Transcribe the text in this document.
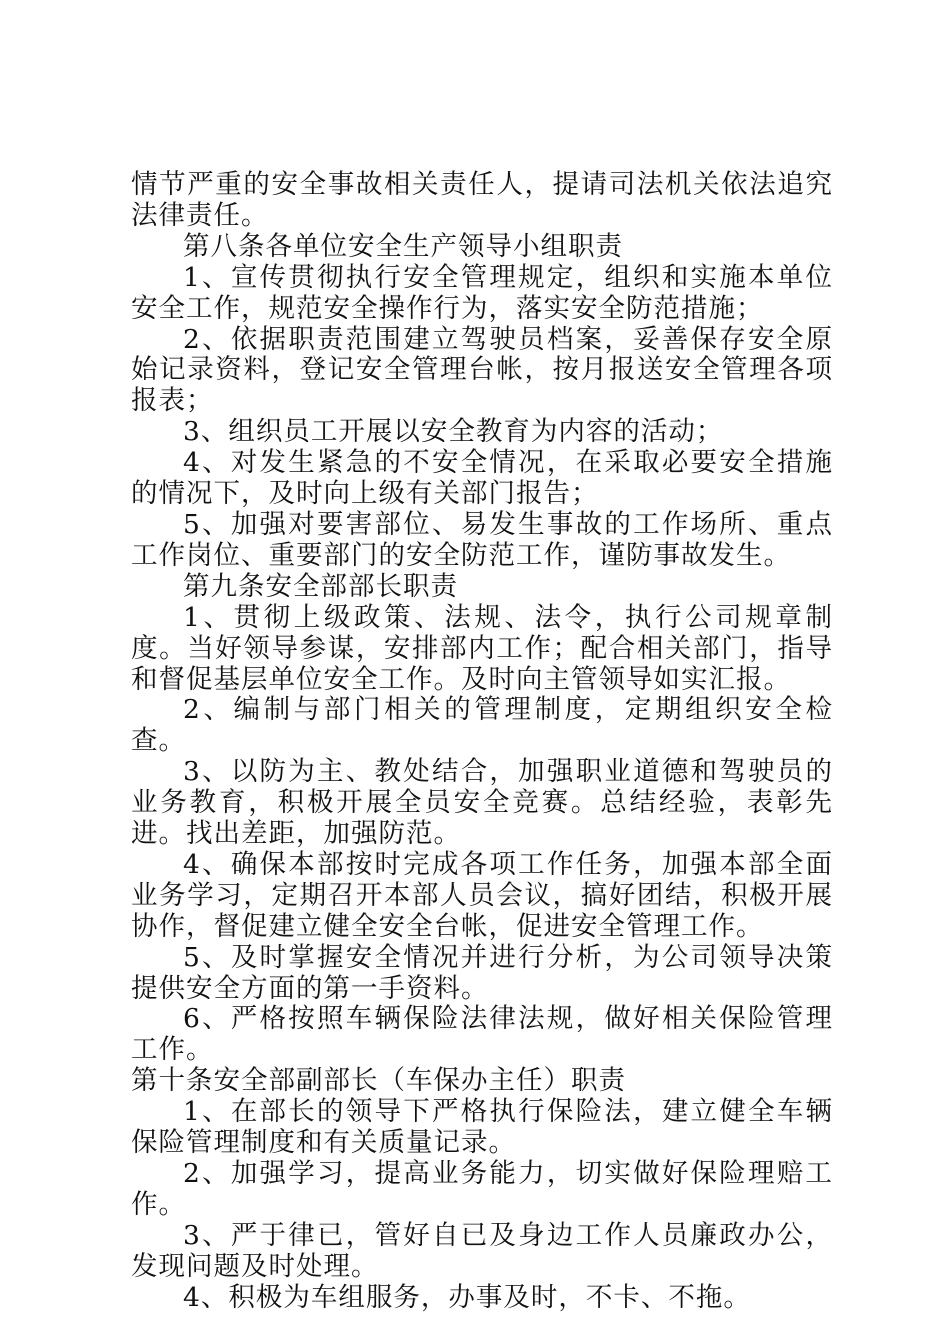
情节严重的安全事故相关责任人，提请司法机关依法追究法律责任。

第八条各单位安全生产领导小组职责

1、宣传贯彻执行安全管理规定，组织和实施本单位安全工作，规范安全操作行为，落实安全防范措施；

2、依据职责范围建立驾驶员档案，妥善保存安全原始记录资料，登记安全管理台帐，按月报送安全管理各项报表；

3、组织员工开展以安全教育为内容的活动；

4、对发生紧急的不安全情况，在采取必要安全措施的情况下，及时向上级有关部门报告；

5、加强对要害部位、易发生事故的工作场所、重点工作岗位、重要部门的安全防范工作，谨防事故发生。

第九条安全部部长职责

1、贯彻上级政策、法规、法令，执行公司规章制度。当好领导参谋，安排部内工作；配合相关部门，指导和督促基层单位安全工作。及时向主管领导如实汇报。

2、编制与部门相关的管理制度，定期组织安全检查。

3、以防为主、教处结合，加强职业道德和驾驶员的业务教育，积极开展全员安全竞赛。总结经验，表彰先进。找出差距，加强防范。

4、确保本部按时完成各项工作任务，加强本部全面业务学习，定期召开本部人员会议，搞好团结，积极开展协作，督促建立健全安全台帐，促进安全管理工作。

5、及时掌握安全情况并进行分析，为公司领导决策提供安全方面的第一手资料。

6、严格按照车辆保险法律法规，做好相关保险管理工作。

第十条安全部副部长（车保办主任）职责

1、在部长的领导下严格执行保险法，建立健全车辆保险管理制度和有关质量记录。

2、加强学习，提高业务能力，切实做好保险理赔工作。

3、严于律已，管好自已及身边工作人员廉政办公，发现问题及时处理。

4、积极为车组服务，办事及时，不卡、不拖。
